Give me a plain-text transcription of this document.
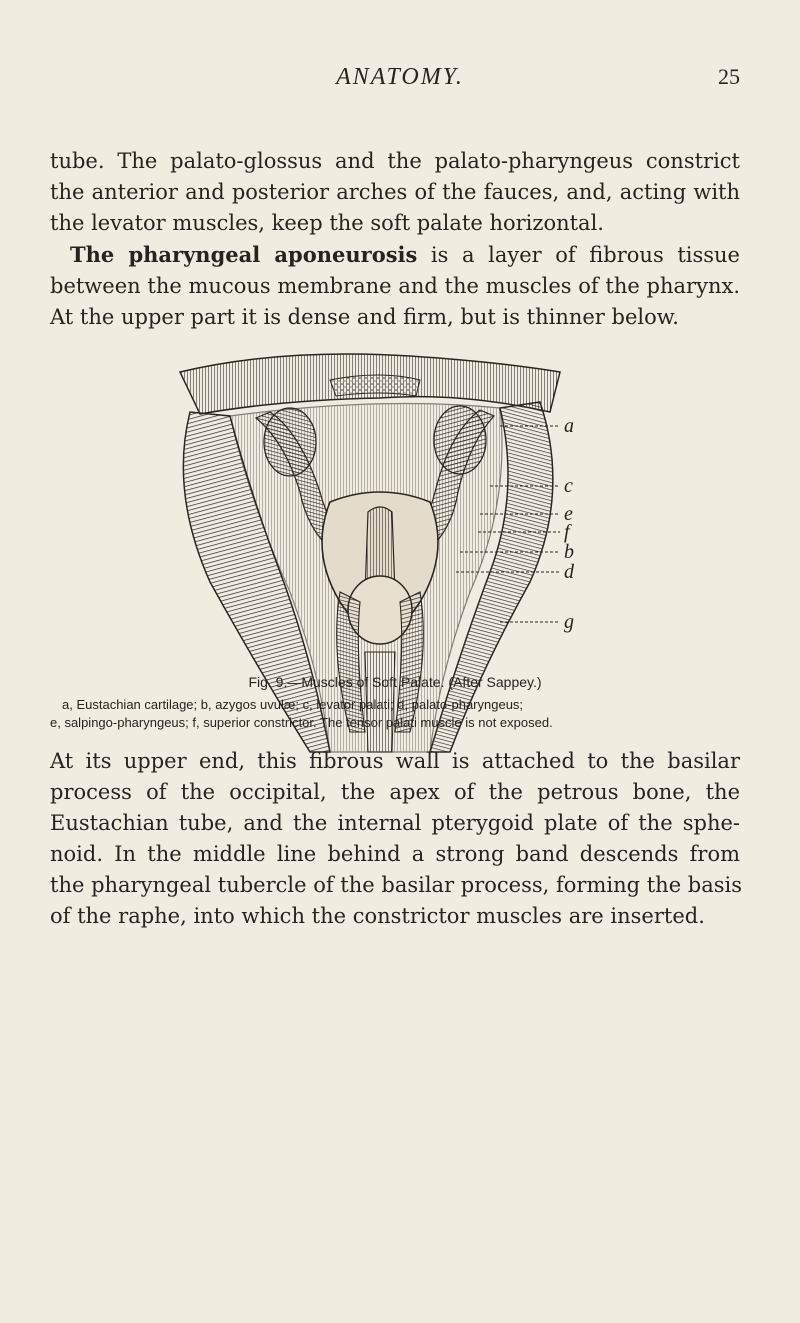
ANATOMY.	25

tube. The palato-glossus and the palato-pharyngeus constrict
the anterior and posterior arches of the fauces, and, acting with
the levator muscles, keep the soft palate horizontal.
The pharyngeal aponeurosis is a layer of fibrous tissue
between the mucous membrane and the muscles of the pharynx.
At the upper part it is dense and firm, but is thinner below.

a
c
e
f
b
d
g
Fig. 9.—Muscles of Soft Palate. (After Sappey.)
a, Eustachian cartilage; b, azygos uvulæ; c, levator palati; d, palato-pharyngeus;
e, salpingo-pharyngeus; f, superior constrictor. The tensor palati muscle is not exposed.

At its upper end, this fibrous wall is attached to the basilar
process of the occipital, the apex of the petrous bone, the
Eustachian tube, and the internal pterygoid plate of the sphe-
noid. In the middle line behind a strong band descends from
the pharyngeal tubercle of the basilar process, forming the basis
of the raphe, into which the constrictor muscles are inserted.
